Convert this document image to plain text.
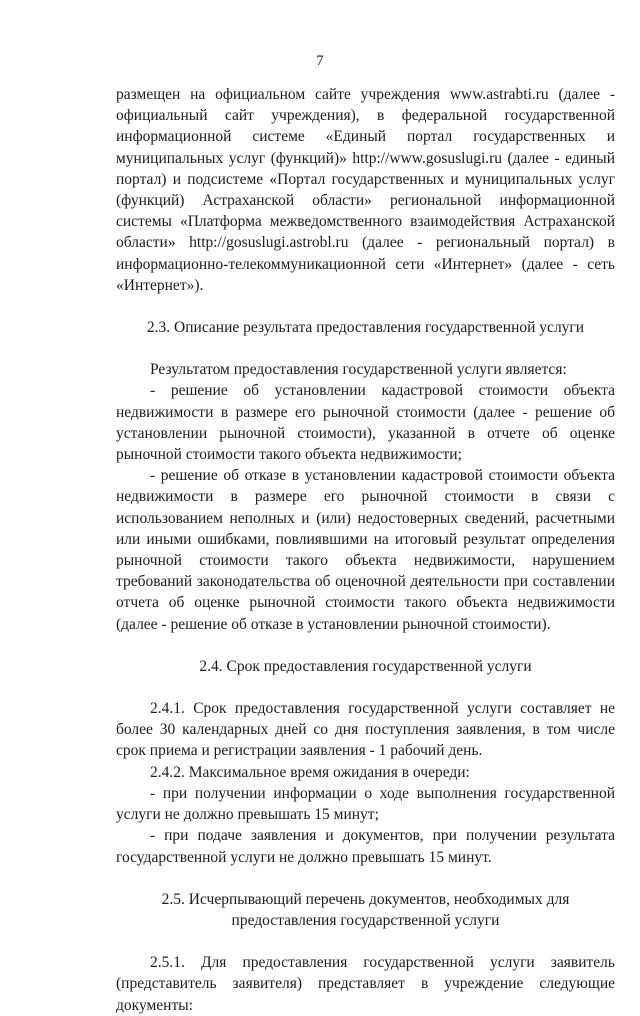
7

размещен на официальном сайте учреждения www.astrabti.ru (далее - официальный сайт учреждения), в федеральной государственной информационной системе «Единый портал государственных и муниципальных услуг (функций)» http://www.gosuslugi.ru (далее - единый портал) и подсистеме «Портал государственных и муниципальных услуг (функций) Астраханской области» региональной информационной системы «Платформа межведомственного взаимодействия Астраханской области» http://gosuslugi.astrobl.ru (далее - региональный портал) в информационно-телекоммуникационной сети «Интернет» (далее - сеть «Интернет»).

2.3. Описание результата предоставления государственной услуги

Результатом предоставления государственной услуги является:

- решение об установлении кадастровой стоимости объекта недвижимости в размере его рыночной стоимости (далее - решение об установлении рыночной стоимости), указанной в отчете об оценке рыночной стоимости такого объекта недвижимости;

- решение об отказе в установлении кадастровой стоимости объекта недвижимости в размере его рыночной стоимости в связи с использованием неполных и (или) недостоверных сведений, расчетными или иными ошибками, повлиявшими на итоговый результат определения рыночной стоимости такого объекта недвижимости, нарушением требований законодательства об оценочной деятельности при составлении отчета об оценке рыночной стоимости такого объекта недвижимости (далее - решение об отказе в установлении рыночной стоимости).

2.4. Срок предоставления государственной услуги

2.4.1. Срок предоставления государственной услуги составляет не более 30 календарных дней со дня поступления заявления, в том числе срок приема и регистрации заявления - 1 рабочий день.

2.4.2. Максимальное время ожидания в очереди:

- при получении информации о ходе выполнения государственной услуги не должно превышать 15 минут;

- при подаче заявления и документов, при получении результата государственной услуги не должно превышать 15 минут.

2.5. Исчерпывающий перечень документов, необходимых для

предоставления государственной услуги

2.5.1. Для предоставления государственной услуги заявитель (представитель заявителя) представляет в учреждение следующие документы:
